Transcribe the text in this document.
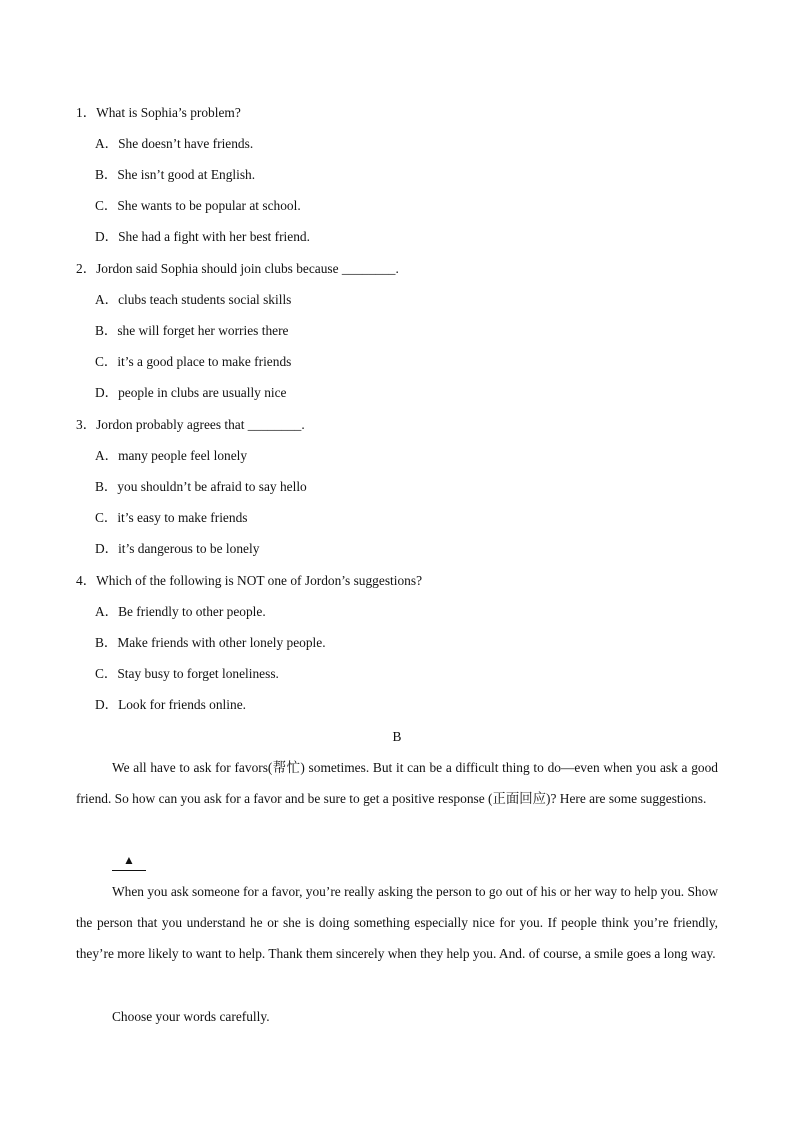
1．What is Sophia’s problem?
A．She doesn’t have friends.
B．She isn’t good at English.
C．She wants to be popular at school.
D．She had a fight with her best friend.
2．Jordon said Sophia should join clubs because ________.
A．clubs teach students social skills
B．she will forget her worries there
C．it’s a good place to make friends
D．people in clubs are usually nice
3．Jordon probably agrees that ________.
A．many people feel lonely
B．you shouldn’t be afraid to say hello
C．it’s easy to make friends
D．it’s dangerous to be lonely
4．Which of the following is NOT one of Jordon’s suggestions?
A．Be friendly to other people.
B．Make friends with other lonely people.
C．Stay busy to forget loneliness.
D．Look for friends online.
B
We all have to ask for favors(帮忙) sometimes. But it can be a difficult thing to do—even when you ask a good friend. So how can you ask for a favor and be sure to get a positive response (正面回应)? Here are some suggestions.
▲
When you ask someone for a favor, you’re really asking the person to go out of his or her way to help you. Show the person that you understand he or she is doing something especially nice for you. If people think you’re friendly, they’re more likely to want to help. Thank them sincerely when they help you. And. of course, a smile goes a long way.
Choose your words carefully.
